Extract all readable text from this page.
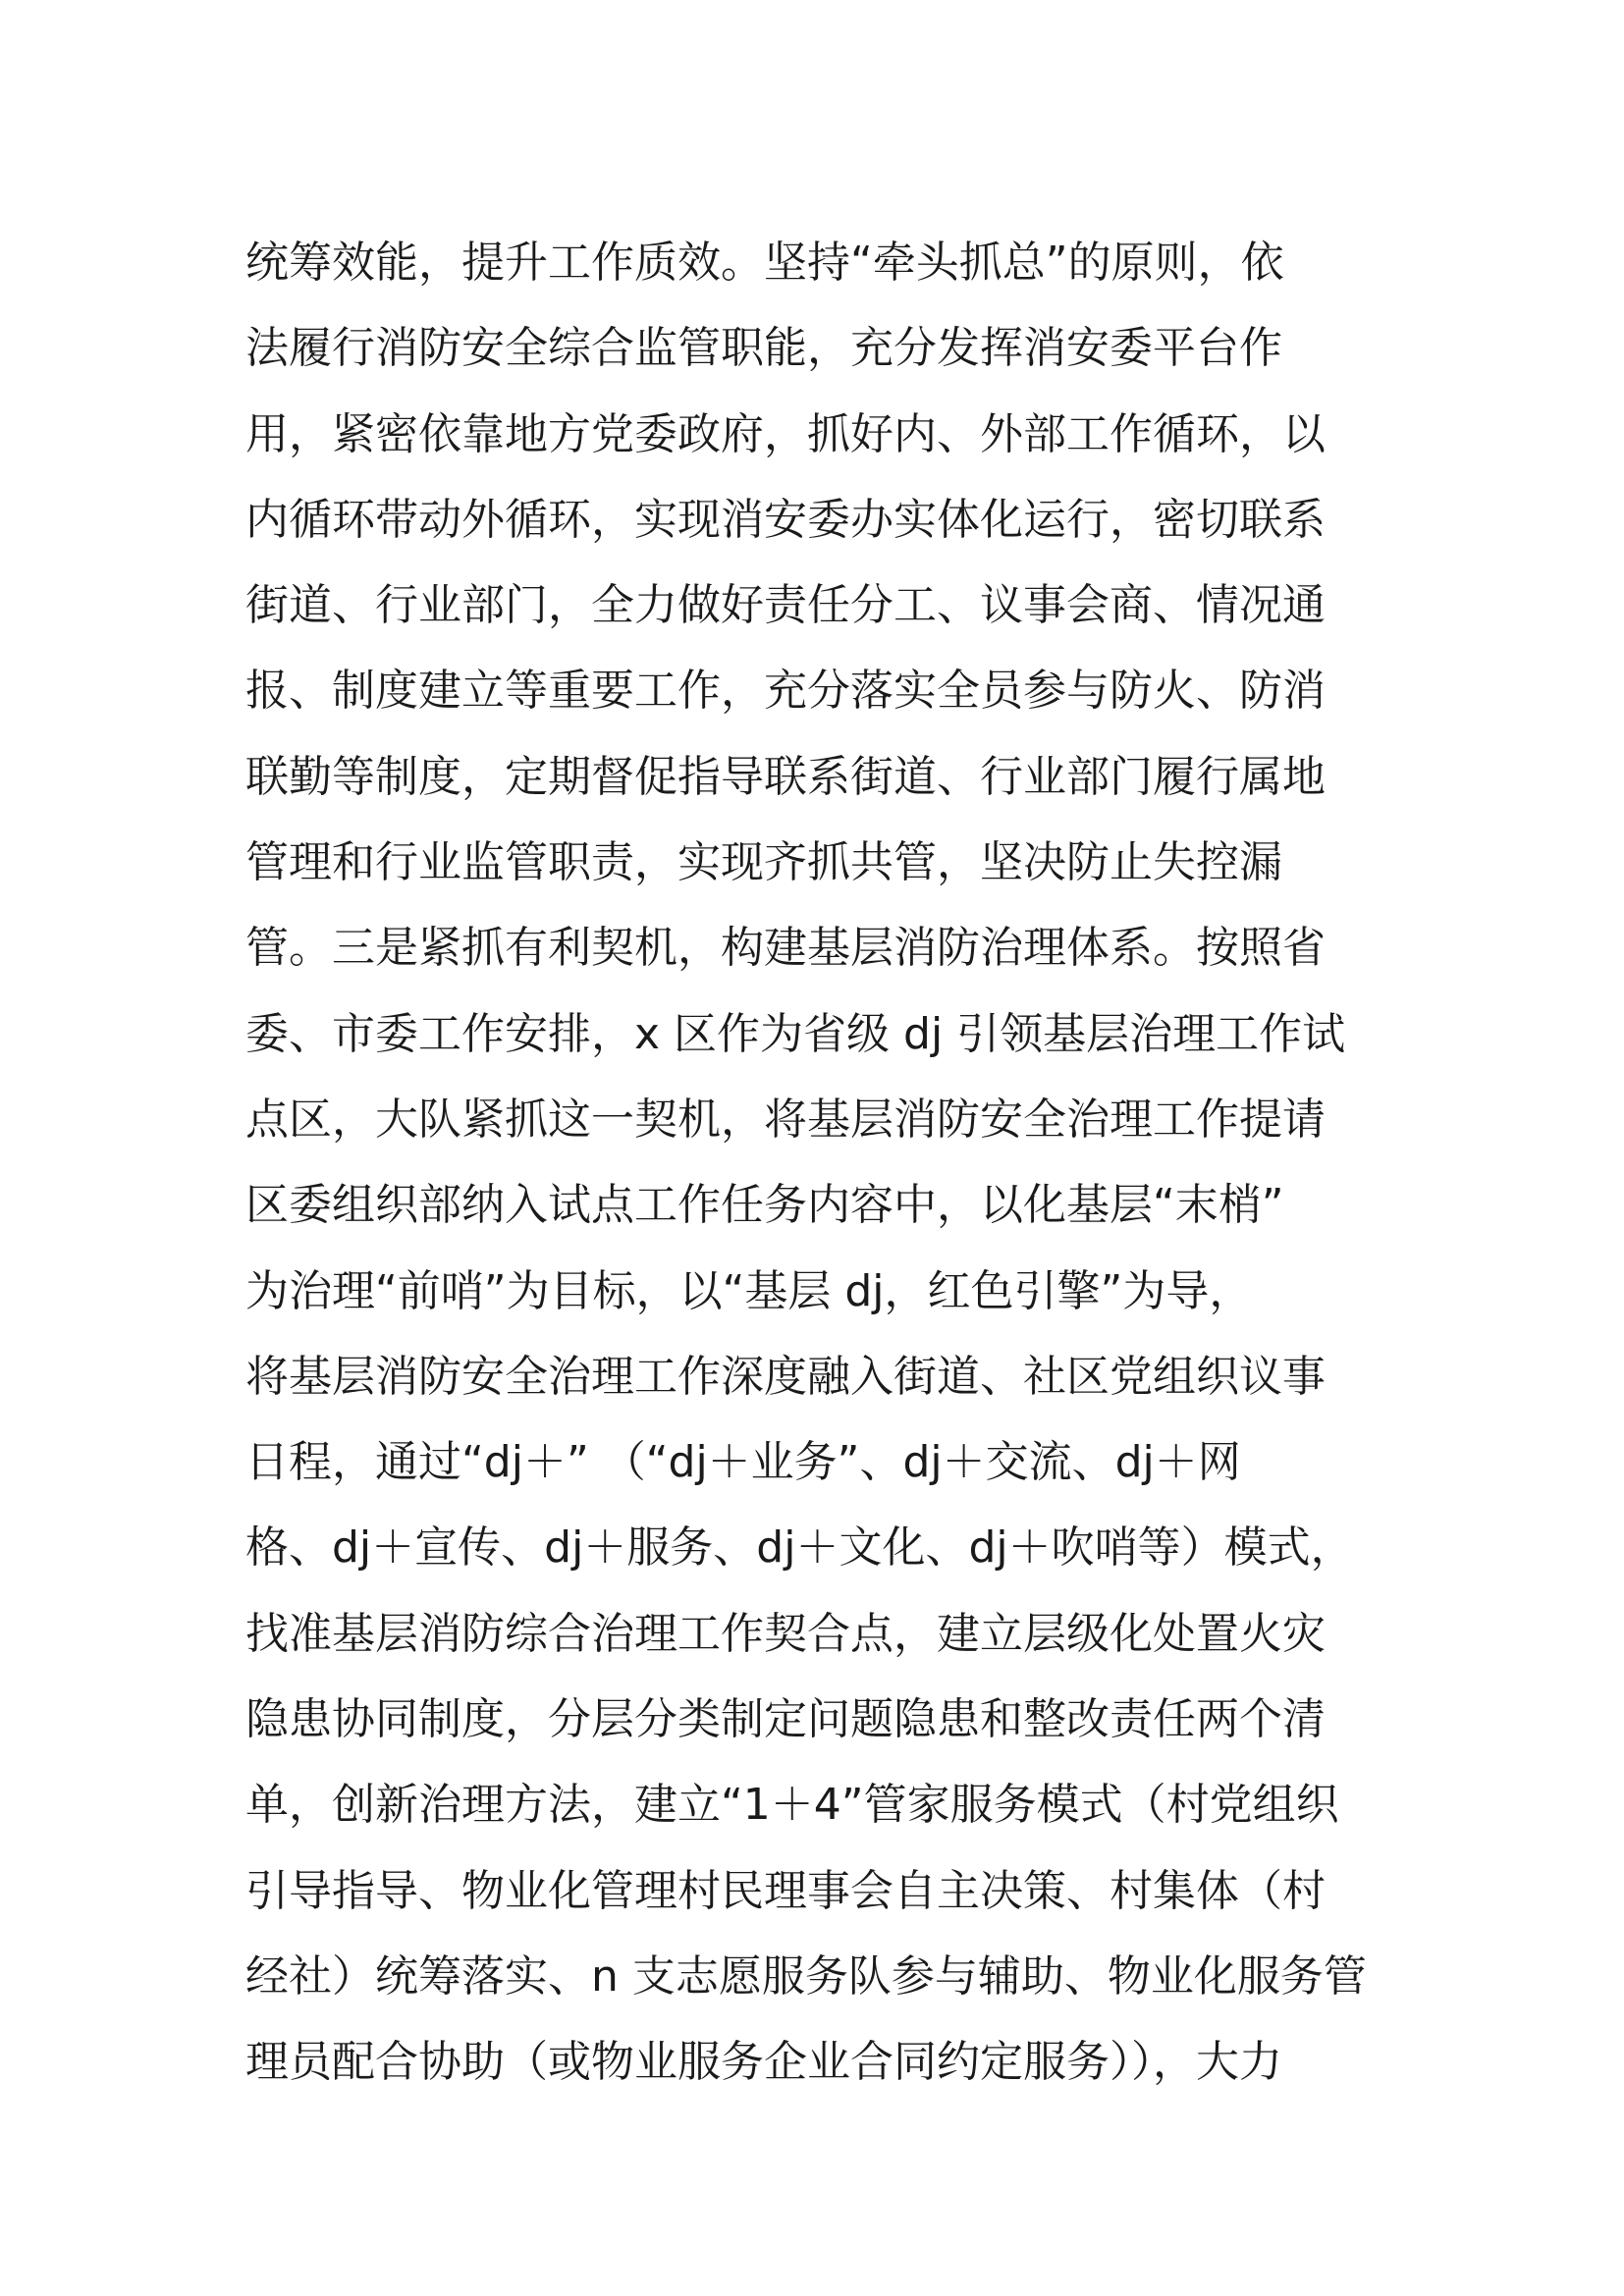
统筹效能，提升工作质效。坚持“牵头抓总”的原则，依
法履行消防安全综合监管职能，充分发挥消安委平台作
用，紧密依靠地方党委政府，抓好内、外部工作循环，以
内循环带动外循环，实现消安委办实体化运行，密切联系
街道、行业部门，全力做好责任分工、议事会商、情况通
报、制度建立等重要工作，充分落实全员参与防火、防消
联勤等制度，定期督促指导联系街道、行业部门履行属地
管理和行业监管职责，实现齐抓共管，坚决防止失控漏
管。三是紧抓有利契机，构建基层消防治理体系。按照省
委、市委工作安排，x 区作为省级 dj 引领基层治理工作试
点区，大队紧抓这一契机，将基层消防安全治理工作提请
区委组织部纳入试点工作任务内容中，以化基层“末梢”
为治理“前哨”为目标，以“基层 dj，红色引擎”为导，
将基层消防安全治理工作深度融入街道、社区党组织议事
日程，通过“dj＋” （“dj＋业务”、dj＋交流、dj＋网
格、dj＋宣传、dj＋服务、dj＋文化、dj＋吹哨等）模式，
找准基层消防综合治理工作契合点，建立层级化处置火灾
隐患协同制度，分层分类制定问题隐患和整改责任两个清
单，创新治理方法，建立“1＋4”管家服务模式（村党组织
引导指导、物业化管理村民理事会自主决策、村集体（村
经社）统筹落实、n 支志愿服务队参与辅助、物业化服务管
理员配合协助（或物业服务企业合同约定服务）），大力
